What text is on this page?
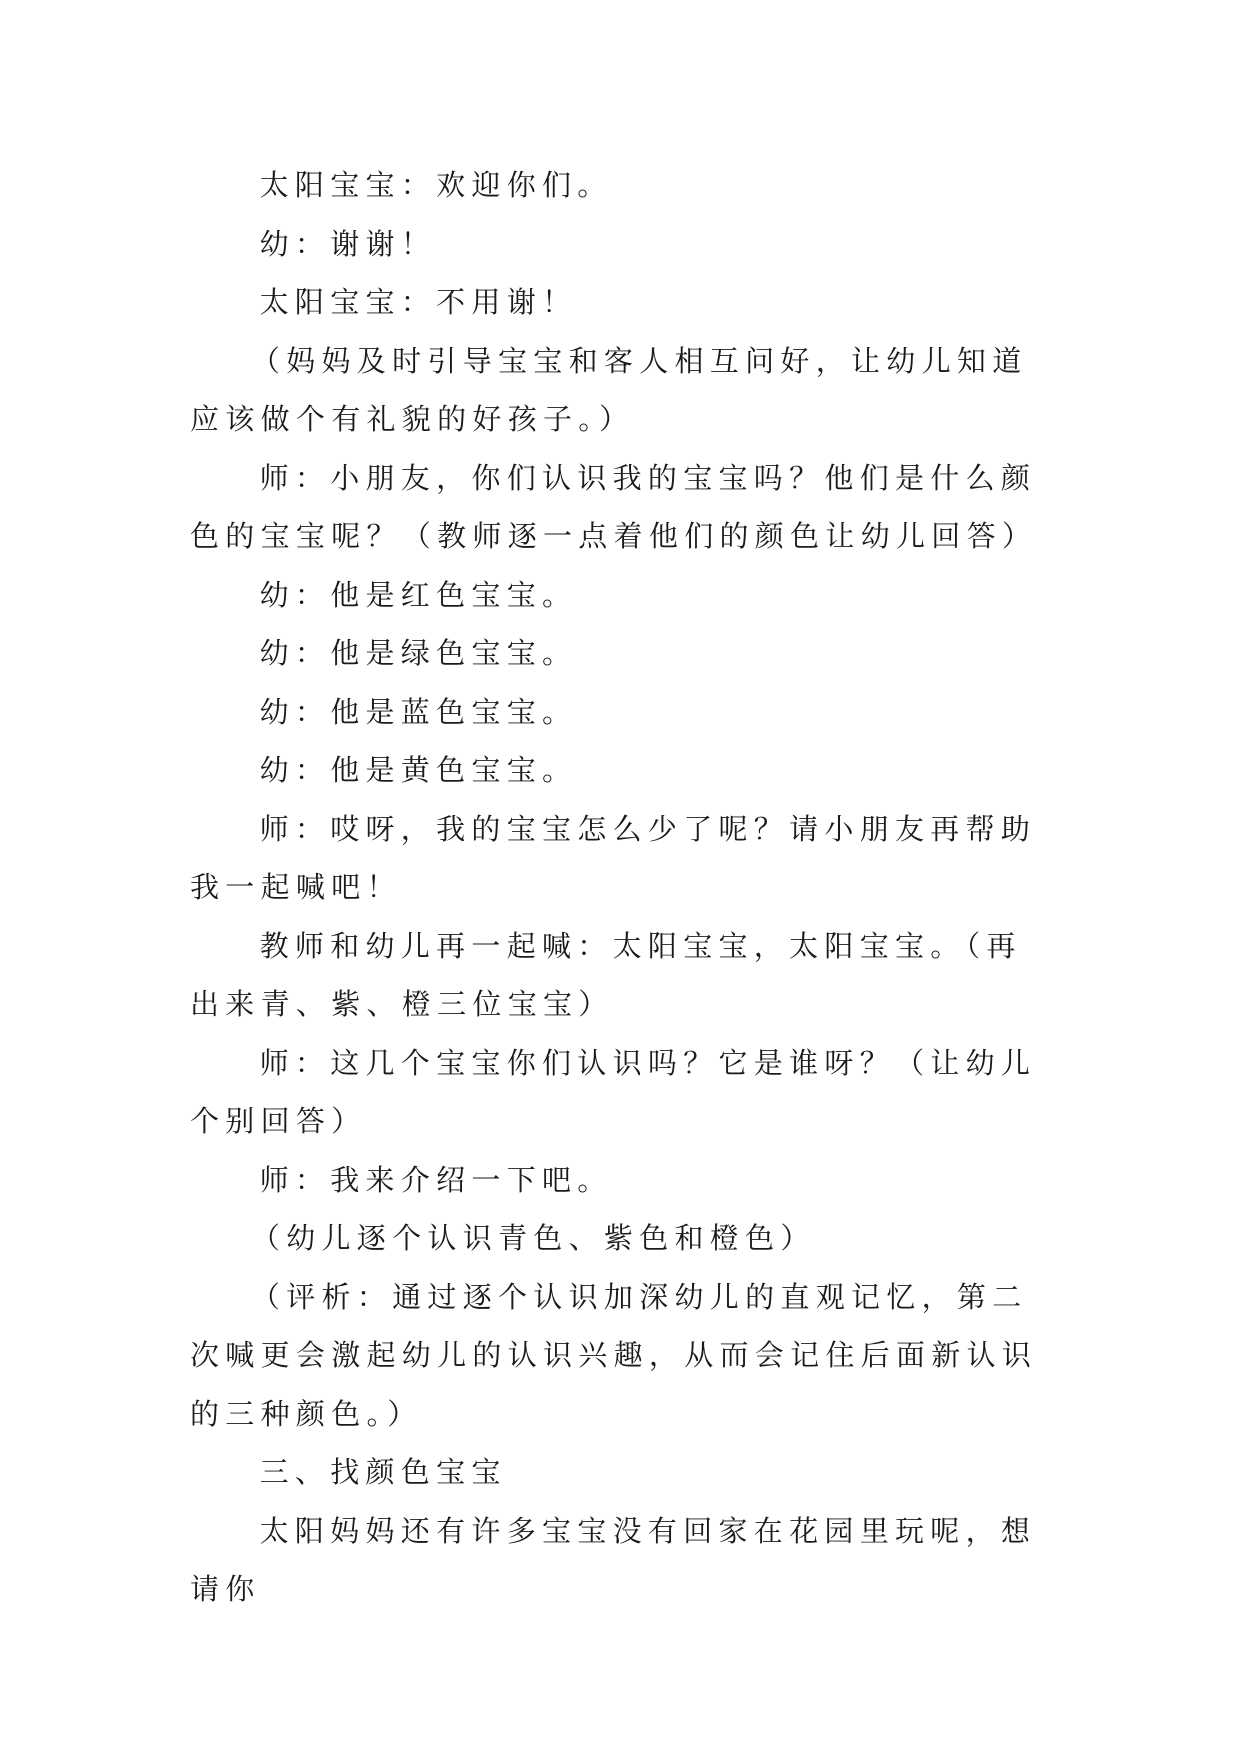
太阳宝宝：欢迎你们。

幼：谢谢！

太阳宝宝：不用谢！

（妈妈及时引导宝宝和客人相互问好，让幼儿知道应该做个有礼貌的好孩子。）

师：小朋友，你们认识我的宝宝吗？他们是什么颜色的宝宝呢？（教师逐一点着他们的颜色让幼儿回答）

幼：他是红色宝宝。

幼：他是绿色宝宝。

幼：他是蓝色宝宝。

幼：他是黄色宝宝。

师：哎呀，我的宝宝怎么少了呢？请小朋友再帮助我一起喊吧！

教师和幼儿再一起喊：太阳宝宝，太阳宝宝。（再出来青、紫、橙三位宝宝）

师：这几个宝宝你们认识吗？它是谁呀？（让幼儿个别回答）

师：我来介绍一下吧。

（幼儿逐个认识青色、紫色和橙色）

（评析：通过逐个认识加深幼儿的直观记忆，第二次喊更会激起幼儿的认识兴趣，从而会记住后面新认识的三种颜色。）

三、找颜色宝宝

太阳妈妈还有许多宝宝没有回家在花园里玩呢，想请你
